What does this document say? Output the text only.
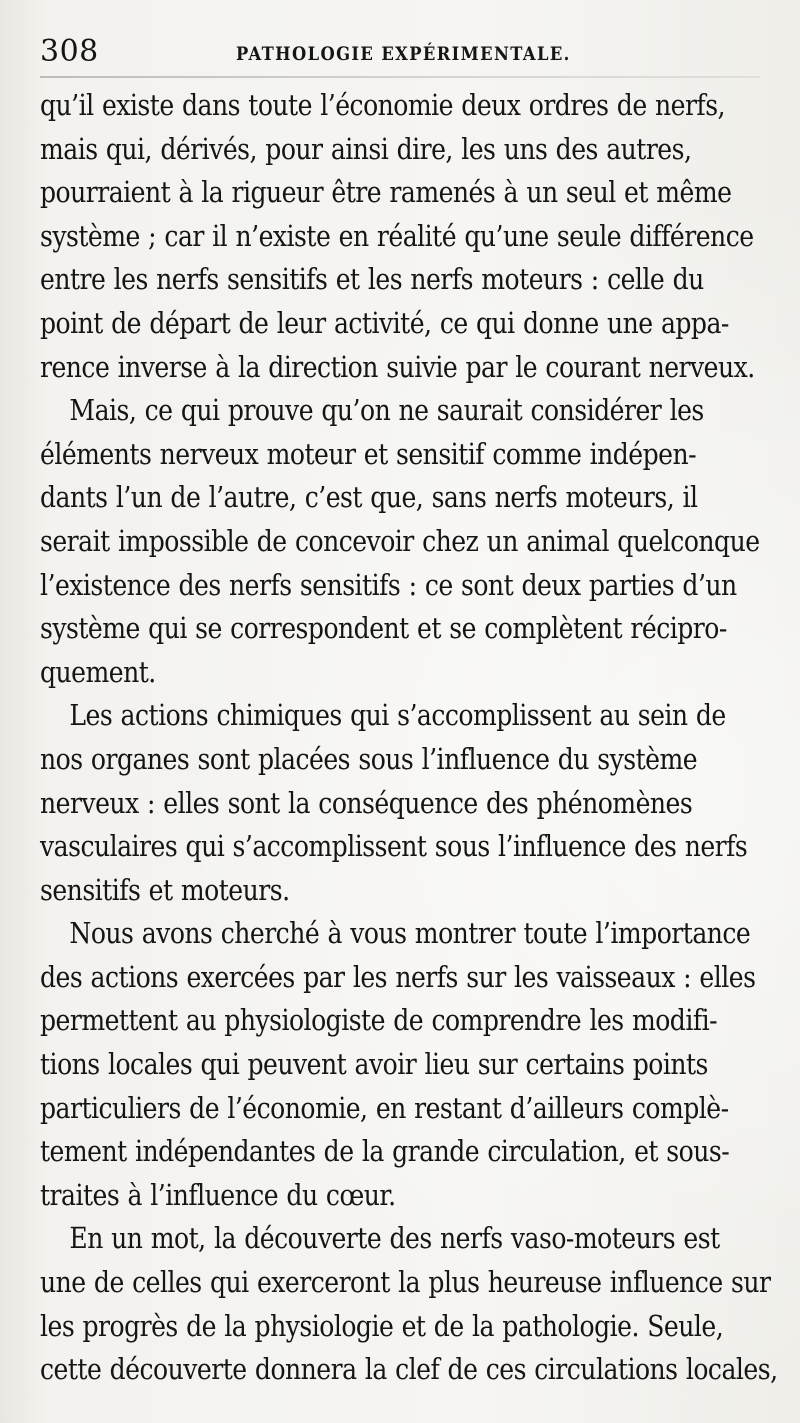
308	PATHOLOGIE EXPÉRIMENTALE.
qu’il existe dans toute l’économie deux ordres de nerfs,
mais qui, dérivés, pour ainsi dire, les uns des autres,
pourraient à la rigueur être ramenés à un seul et même
système ; car il n’existe en réalité qu’une seule différence
entre les nerfs sensitifs et les nerfs moteurs : celle du
point de départ de leur activité, ce qui donne une appa-
rence inverse à la direction suivie par le courant nerveux.
Mais, ce qui prouve qu’on ne saurait considérer les
éléments nerveux moteur et sensitif comme indépen-
dants l’un de l’autre, c’est que, sans nerfs moteurs, il
serait impossible de concevoir chez un animal quelconque
l’existence des nerfs sensitifs : ce sont deux parties d’un
système qui se correspondent et se complètent récipro-
quement.
Les actions chimiques qui s’accomplissent au sein de
nos organes sont placées sous l’influence du système
nerveux : elles sont la conséquence des phénomènes
vasculaires qui s’accomplissent sous l’influence des nerfs
sensitifs et moteurs.
Nous avons cherché à vous montrer toute l’importance
des actions exercées par les nerfs sur les vaisseaux : elles
permettent au physiologiste de comprendre les modifi-
tions locales qui peuvent avoir lieu sur certains points
particuliers de l’économie, en restant d’ailleurs complè-
tement indépendantes de la grande circulation, et sous-
traites à l’influence du cœur.
En un mot, la découverte des nerfs vaso-moteurs est
une de celles qui exerceront la plus heureuse influence sur
les progrès de la physiologie et de la pathologie. Seule,
cette découverte donnera la clef de ces circulations locales,
